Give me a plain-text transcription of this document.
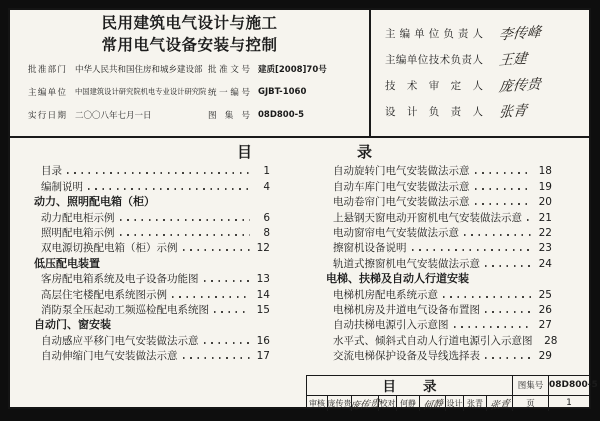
民用建筑电气设计与施工
常用电气设备安装与控制
批准部门 中华人民共和国住房和城乡建设部 批准文号 建质[2008]70号
主编单位 中国建筑设计研究院机电专业设计研究院 统一编号 GJBT-1060
实行日期 二〇〇八年七月一日	图集号 08D800-5
主编单位负责人 李传峰
主编单位技术负责人 王建
技术审定人 庞传贵
设计负责人 张青
目	录
目录	1
编制说明	4
动力、照明配电箱（柜）
动力配电柜示例	6
照明配电箱示例	8
双电源切换配电箱（柜）示例	12
低压配电装置
客房配电箱系统及电子设备功能图	13
高层住宅楼配电系统图示例	14
消防泵全压起动工频巡检配电系统图	15
自动门、窗安装
自动感应平移门电气安装做法示意	16
自动伸缩门电气安装做法示意	17
自动旋转门电气安装做法示意	18
自动车库门电气安装做法示意	19
电动卷帘门电气安装做法示意	20
上悬钢天窗电动开窗机电气安装做法示意	21
电动窗帘电气安装做法示意	22
擦窗机设备说明	23
轨道式擦窗机电气安装做法示意	24
电梯、扶梯及自动人行道安装
电梯机房配电系统示意	25
电梯机房及井道电气设备布置图	26
自动扶梯电源引入示意图	27
水平式、倾斜式自动人行道电源引入示意图	28
交流电梯保护设备及导线选择表	29
目录	图集号 08D800-5
审核 庞传贵
庞传贵 校对 何静 何静 设计 张青 张青	页	1
